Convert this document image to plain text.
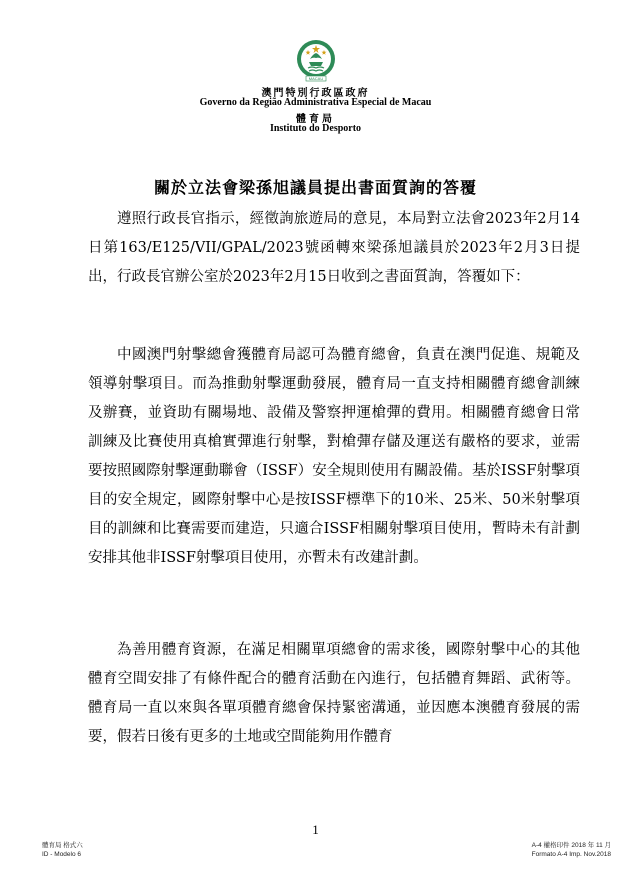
MACAU
澳門特別行政區政府
Governo da Região Administrativa Especial de Macau
體育局
Instituto do Desporto
關於立法會梁孫旭議員提出書面質詢的答覆

遵照行政長官指示，經徵詢旅遊局的意見，本局對立法會2023年2月14日第163/E125/VII/GPAL/2023號函轉來梁孫旭議員於2023年2月3日提出，行政長官辦公室於2023年2月15日收到之書面質詢，答覆如下：

中國澳門射擊總會獲體育局認可為體育總會，負責在澳門促進、規範及領導射擊項目。而為推動射擊運動發展，體育局一直支持相關體育總會訓練及辦賽，並資助有關場地、設備及警察押運槍彈的費用。相關體育總會日常訓練及比賽使用真槍實彈進行射擊，對槍彈存儲及運送有嚴格的要求，並需要按照國際射擊運動聯會（ISSF）安全規則使用有關設備。基於ISSF射擊項目的安全規定，國際射擊中心是按ISSF標準下的10米、25米、50米射擊項目的訓練和比賽需要而建造，只適合ISSF相關射擊項目使用，暫時未有計劃安排其他非ISSF射擊項目使用，亦暫未有改建計劃。

為善用體育資源，在滿足相關單項總會的需求後，國際射擊中心的其他體育空間安排了有條件配合的體育活動在內進行，包括體育舞蹈、武術等。體育局一直以來與各單項體育總會保持緊密溝通，並因應本澳體育發展的需要，假若日後有更多的土地或空間能夠用作體育

1
體育局 格式六
ID - Modelo 6
A-4 權格印件 2018 年 11 月
Formato A-4 Imp. Nov.2018
